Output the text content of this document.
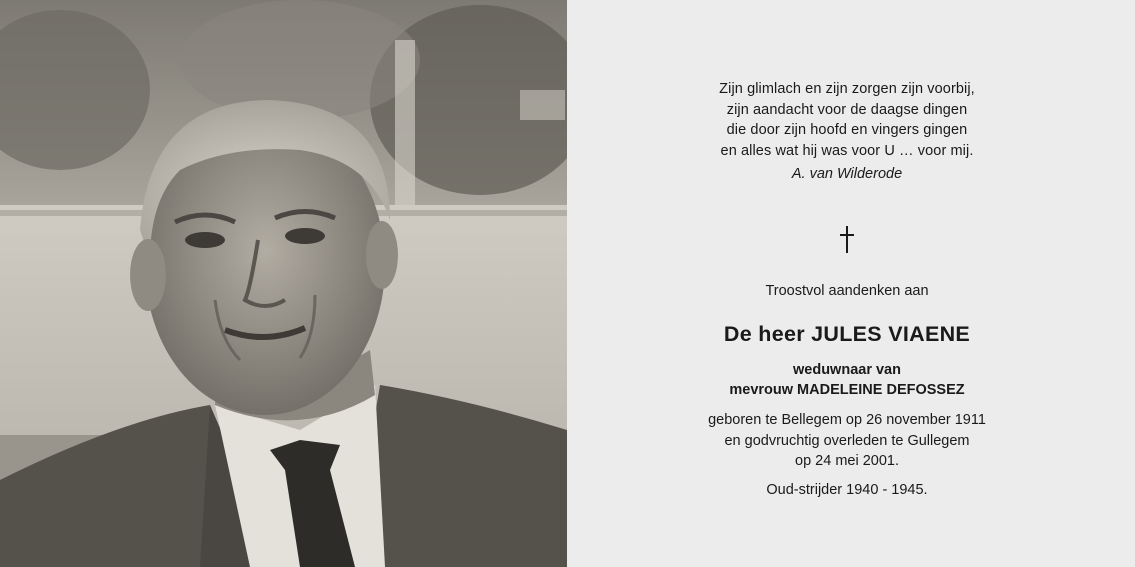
Zijn glimlach en zijn zorgen zijn voorbij,
zijn aandacht voor de daagse dingen
die door zijn hoofd en vingers gingen
en alles wat hij was voor U … voor mij.
A. van Wilderode
Troostvol aandenken aan
De heer JULES VIAENE
weduwnaar van
mevrouw MADELEINE DEFOSSEZ
geboren te Bellegem op 26 november 1911
en godvruchtig overleden te Gullegem
op 24 mei 2001.
Oud-strijder 1940 - 1945.
